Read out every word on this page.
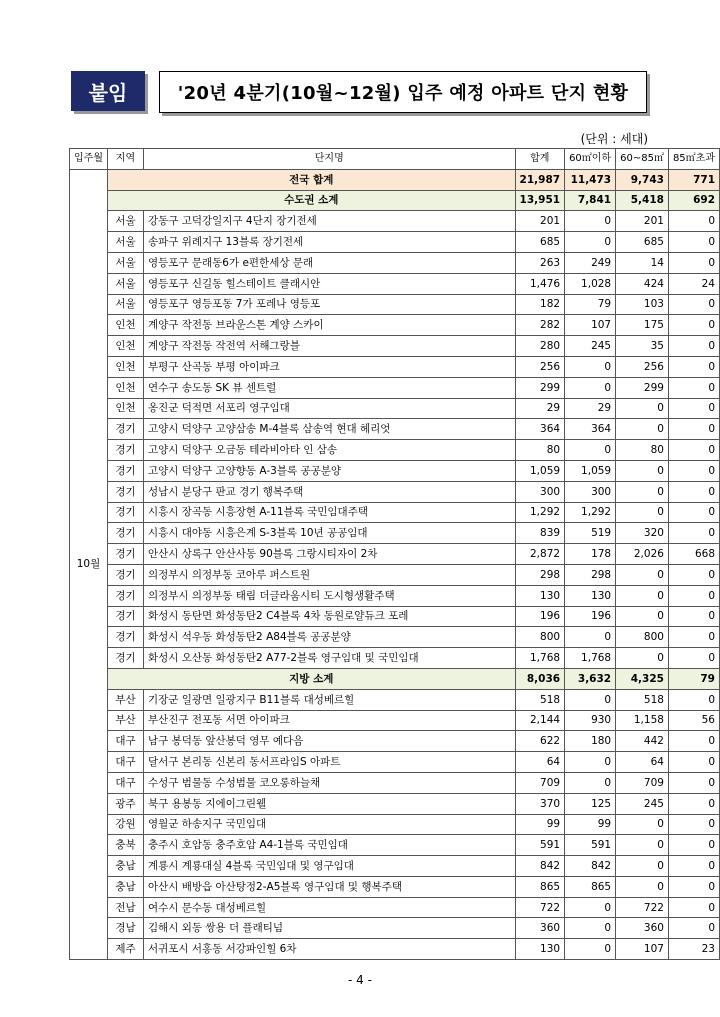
붙임	'20년 4분기(10월~12월) 입주 예정 아파트 단지 현황
(단위 : 세대)
입주월	지역	단지명	합계	60㎡이하	60~85㎡	85㎡초과
10월	전국 합계		21,987	11,473	9,743	771
	수도권 소계		13,951	7,841	5,418	692
	서울	강동구 고덕강일지구 4단지 장기전세	201	0	201	0
	서울	송파구 위례지구 13블록 장기전세	685	0	685	0
	서울	영등포구 문래동6가 e편한세상 문래	263	249	14	0
	서울	영등포구 신길동 힐스테이트 클래시안	1,476	1,028	424	24
	서울	영등포구 영등포동 7가 포레나 영등포	182	79	103	0
	인천	계양구 작전동 브라운스톤 계양 스카이	282	107	175	0
	인천	계양구 작전동 작전역 서해그랑블	280	245	35	0
	인천	부평구 산곡동 부평 아이파크	256	0	256	0
	인천	연수구 송도동 SK 뷰 센트럴	299	0	299	0
	인천	옹진군 덕적면 서포리 영구임대	29	29	0	0
	경기	고양시 덕양구 고양삼송 M-4블록 삼송역 현대 헤리엇	364	364	0	0
	경기	고양시 덕양구 오금동 테라비아타 인 삼송	80	0	80	0
	경기	고양시 덕양구 고양향동 A-3블록 공공분양	1,059	1,059	0	0
	경기	성남시 분당구 판교 경기 행복주택	300	300	0	0
	경기	시흥시 장곡동 시흥장현 A-11블록 국민임대주택	1,292	1,292	0	0
	경기	시흥시 대야동 시흥은계 S-3블록 10년 공공임대	839	519	320	0
	경기	안산시 상록구 안산사동 90블록 그랑시티자이 2차	2,872	178	2,026	668
	경기	의정부시 의정부동 코아루 퍼스트원	298	298	0	0
	경기	의정부시 의정부동 태림 더글라움시티 도시형생활주택	130	130	0	0
	경기	화성시 동탄면 화성동탄2 C4블록 4차 동원로얄듀크 포레	196	196	0	0
	경기	화성시 석우동 화성동탄2 A84블록 공공분양	800	0	800	0
	경기	화성시 오산동 화성동탄2 A77-2블록 영구임대 및 국민임대	1,768	1,768	0	0
	지방 소계		8,036	3,632	4,325	79
	부산	기장군 일광면 일광지구 B11블록 대성베르힐	518	0	518	0
	부산	부산진구 전포동 서면 아이파크	2,144	930	1,158	56
	대구	남구 봉덕동 앞산봉덕 영무 예다음	622	180	442	0
	대구	달서구 본리동 신본리 동서프라임S 아파트	64	0	64	0
	대구	수성구 범물동 수성범물 코오롱하늘채	709	0	709	0
	광주	북구 용봉동 지에이그린웰	370	125	245	0
	강원	영월군 하송지구 국민임대	99	99	0	0
	충북	충주시 호암동 충주호암 A4-1블록 국민임대	591	591	0	0
	충남	계룡시 계룡대실 4블록 국민임대 및 영구임대	842	842	0	0
	충남	아산시 배방읍 아산탕정2-A5블록 영구임대 및 행복주택	865	865	0	0
	전남	여수시 문수동 대성베르힐	722	0	722	0
	경남	김해시 외동 쌍용 더 플래티넘	360	0	360	0
	제주	서귀포시 서홍동 서강파인힐 6차	130	0	107	23
- 4 -
